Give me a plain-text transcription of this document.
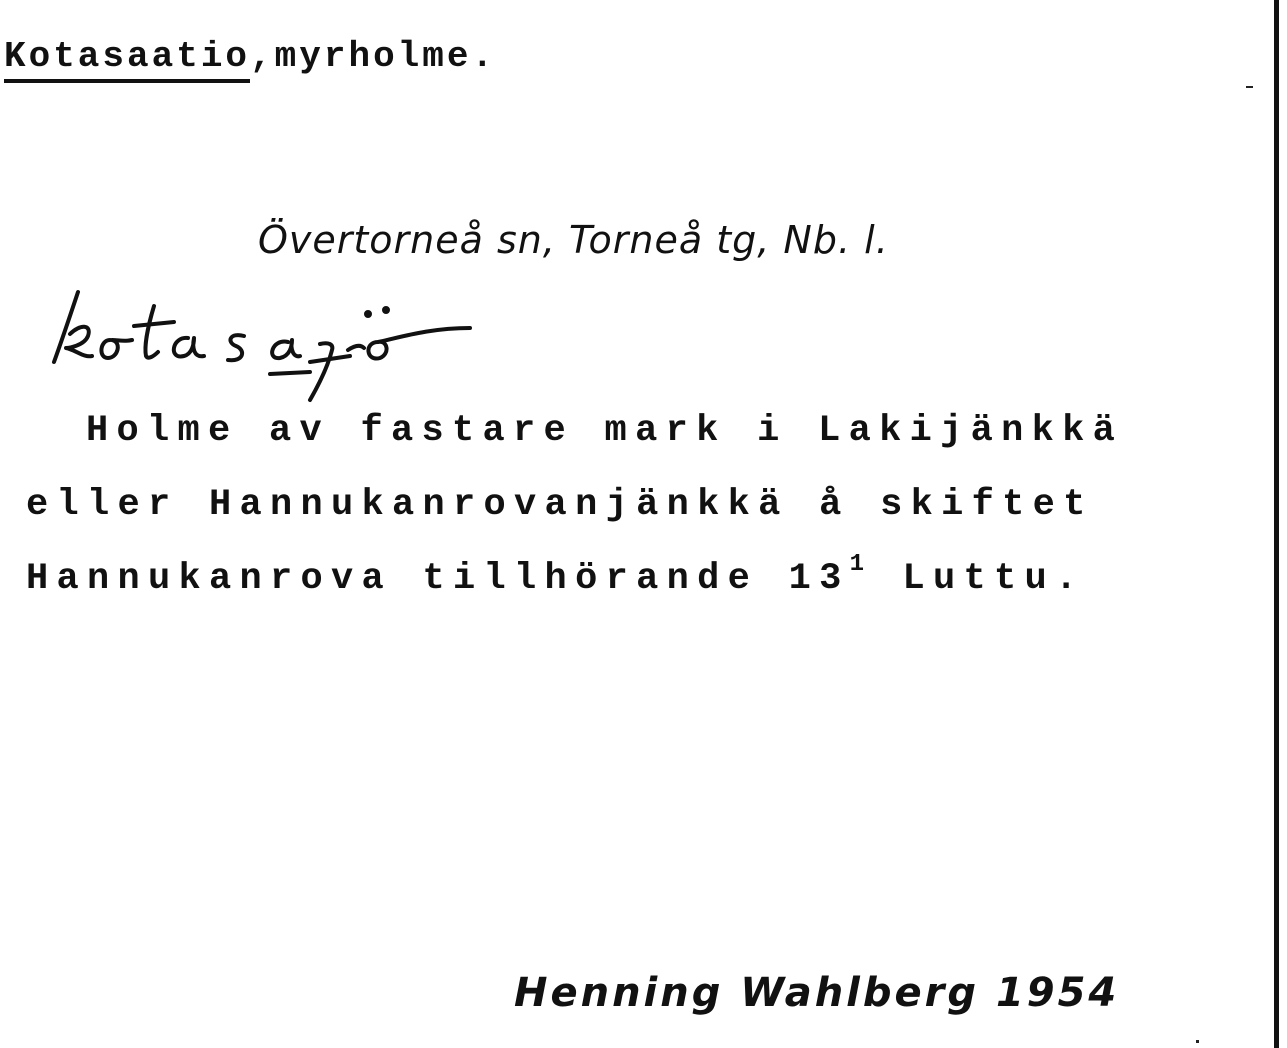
Kotasaatio,myrholme.
Övertorneå sn, Torneå tg, Nb. l.
Holme av fastare mark i Lakijänkkä
eller Hannukanrovanjänkkä å skiftet
Hannukanrova tillhörande $13^1$ Luttu.
Henning Wahlberg 1954
